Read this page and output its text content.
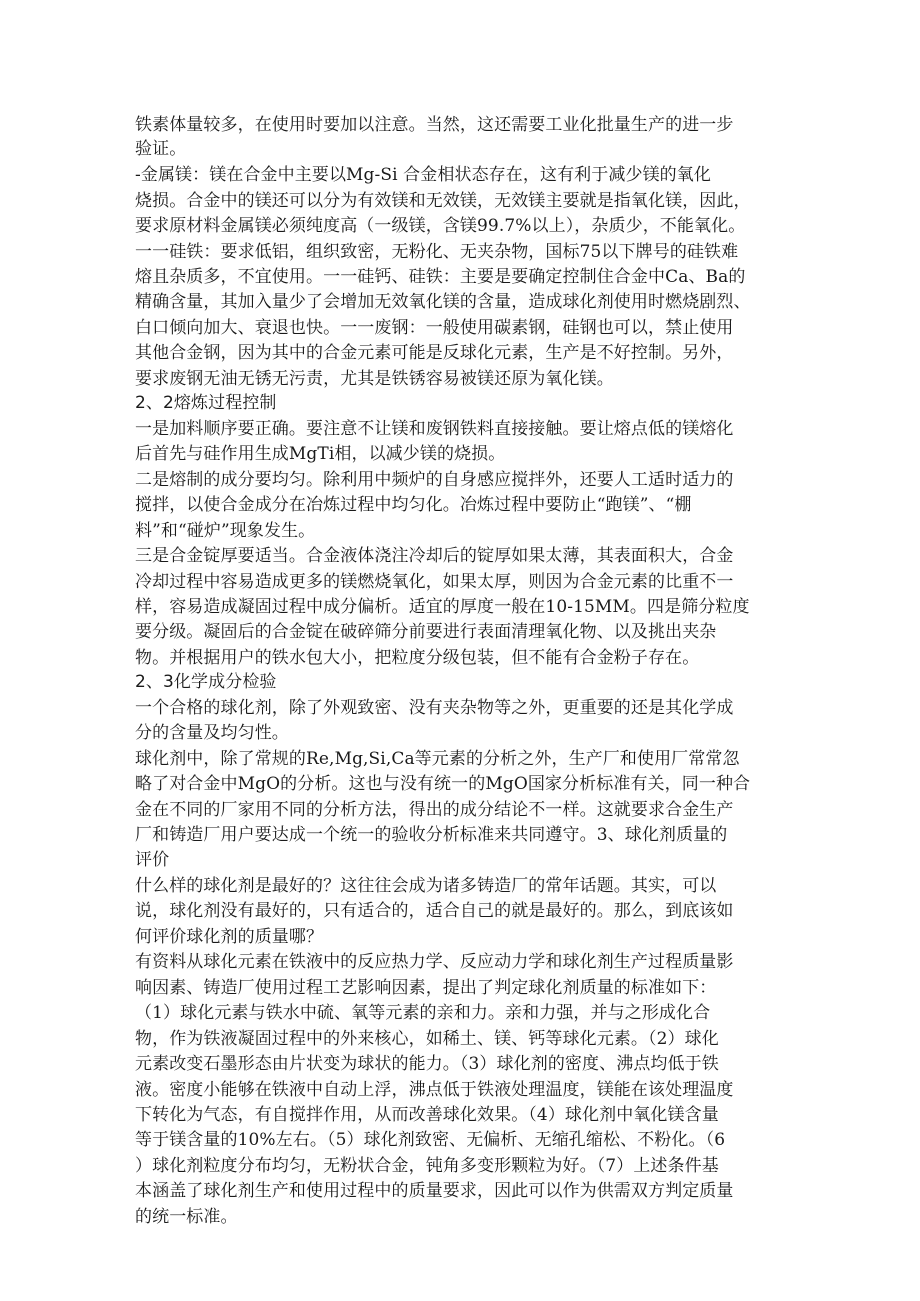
铁素体量较多，在使用时要加以注意。当然，这还需要工业化批量生产的进一步

验证。

-金属镁：镁在合金中主要以Mg-Si 合金相状态存在，这有利于减少镁的氧化

烧损。合金中的镁还可以分为有效镁和无效镁，无效镁主要就是指氧化镁，因此，

要求原材料金属镁必须纯度高（一级镁，含镁99.7%以上），杂质少，不能氧化。

一一硅铁：要求低铝，组织致密，无粉化、无夹杂物，国标75以下牌号的硅铁难

熔且杂质多，不宜使用。一一硅钙、硅铁：主要是要确定控制住合金中Ca、Ba的

精确含量，其加入量少了会增加无效氧化镁的含量，造成球化剂使用时燃烧剧烈、

白口倾向加大、衰退也快。一一废钢：一般使用碳素钢，硅钢也可以，禁止使用

其他合金钢，因为其中的合金元素可能是反球化元素，生产是不好控制。另外，

要求废钢无油无锈无污责，尤其是铁锈容易被镁还原为氧化镁。

2、2熔炼过程控制

一是加料顺序要正确。要注意不让镁和废钢铁料直接接触。要让熔点低的镁熔化

后首先与硅作用生成MgTi相，以减少镁的烧损。

二是熔制的成分要均匀。除利用中频炉的自身感应搅拌外，还要人工适时适力的

搅拌，以使合金成分在冶炼过程中均匀化。冶炼过程中要防止“跑镁”、“棚

料”和“碰炉”现象发生。

三是合金锭厚要适当。合金液体浇注冷却后的锭厚如果太薄，其表面积大，合金

冷却过程中容易造成更多的镁燃烧氧化，如果太厚，则因为合金元素的比重不一

样，容易造成凝固过程中成分偏析。适宜的厚度一般在10-15MM。四是筛分粒度

要分级。凝固后的合金锭在破碎筛分前要进行表面清理氧化物、以及挑出夹杂

物。并根据用户的铁水包大小，把粒度分级包装，但不能有合金粉子存在。

2、3化学成分检验

一个合格的球化剂，除了外观致密、没有夹杂物等之外，更重要的还是其化学成

分的含量及均匀性。

球化剂中，除了常规的Re,Mg,Si,Ca等元素的分析之外，生产厂和使用厂常常忽

略了对合金中MgO的分析。这也与没有统一的MgO国家分析标准有关，同一种合

金在不同的厂家用不同的分析方法，得出的成分结论不一样。这就要求合金生产

厂和铸造厂用户要达成一个统一的验收分析标准来共同遵守。3、球化剂质量的

评价

什么样的球化剂是最好的？这往往会成为诸多铸造厂的常年话题。其实，可以

说，球化剂没有最好的，只有适合的，适合自己的就是最好的。那么，到底该如

何评价球化剂的质量哪？

有资料从球化元素在铁液中的反应热力学、反应动力学和球化剂生产过程质量影

响因素、铸造厂使用过程工艺影响因素，提出了判定球化剂质量的标准如下：

（1）球化元素与铁水中硫、氧等元素的亲和力。亲和力强，并与之形成化合

物，作为铁液凝固过程中的外来核心，如稀土、镁、钙等球化元素。（2）球化

元素改变石墨形态由片状变为球状的能力。（3）球化剂的密度、沸点均低于铁

液。密度小能够在铁液中自动上浮，沸点低于铁液处理温度，镁能在该处理温度

下转化为气态，有自搅拌作用，从而改善球化效果。（4）球化剂中氧化镁含量

等于镁含量的10%左右。（5）球化剂致密、无偏析、无缩孔缩松、不粉化。（6

）球化剂粒度分布均匀，无粉状合金，钝角多变形颗粒为好。（7）上述条件基

本涵盖了球化剂生产和使用过程中的质量要求，因此可以作为供需双方判定质量

的统一标准。
